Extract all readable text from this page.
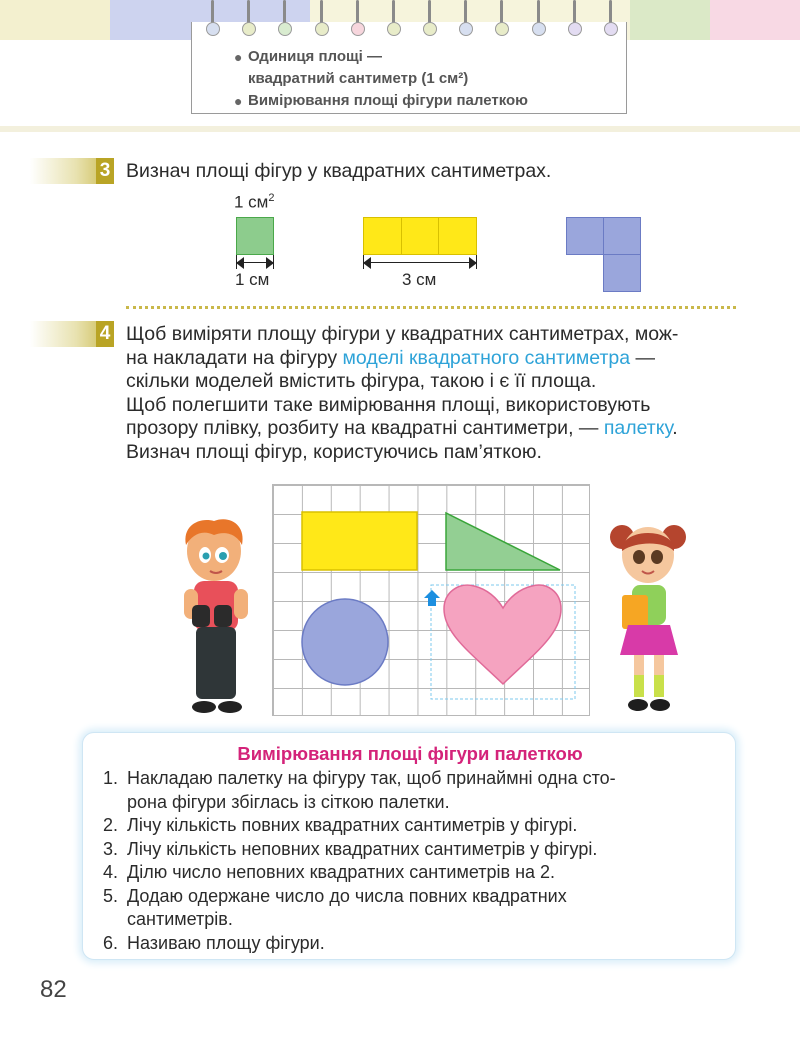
● Одиниця площі —
квадратний сантиметр (1 см²)
● Вимірювання площі фігури палеткою
3 Визнач площі фігур у квадратних сантиметрах.
1 $см^2$
1 см	3 см
4 Щоб виміряти площу фігури у квадратних сантиметрах, мож-
на накладати на фігуру моделі квадратного сантиметра —
скільки моделей вмістить фігура, такою і є її площа.
Щоб полегшити таке вимірювання площі, використовують
прозору плівку, розбиту на квадратні сантиметри, — палетку.
Визнач площі фігур, користуючись пам’яткою.
Вимірювання площі фігури палеткою
1. Накладаю палетку на фігуру так, щоб принаймні одна сто-
рона фігури збіглась із сіткою палетки.
2. Лічу кількість повних квадратних сантиметрів у фігурі.
3. Лічу кількість неповних квадратних сантиметрів у фігурі.
4. Ділю число неповних квадратних сантиметрів на 2.
5. Додаю одержане число до числа повних квадратних
сантиметрів.
6. Називаю площу фігури.
82
